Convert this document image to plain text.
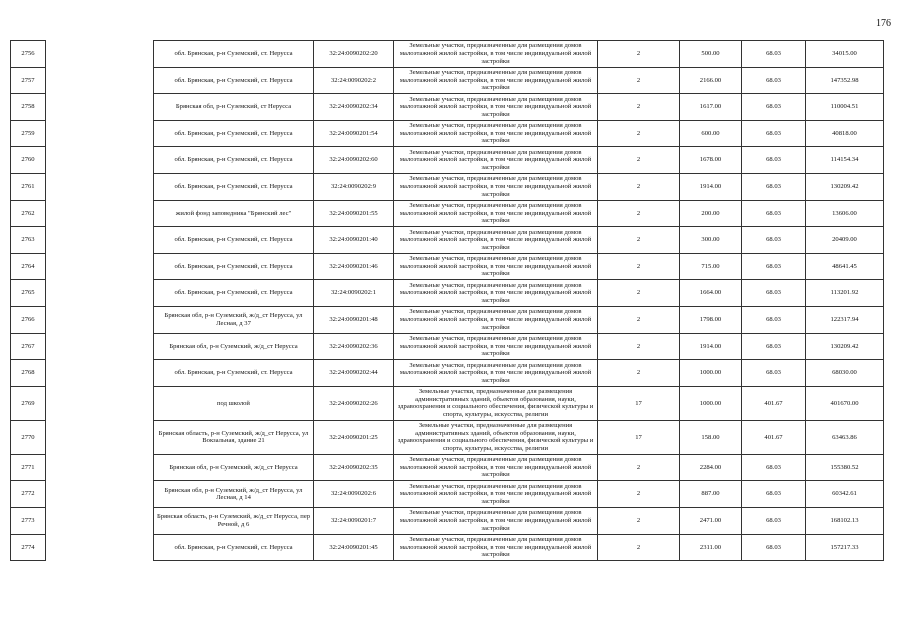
176
2756		обл. Брянская, р-н Суземский, ст. Нерусса	32:24:0090202:20	Земельные участки, предназначенные для размещения домов малоэтажной жилой застройки, в том числе индивидуальной жилой застройки	2	500.00	68.03	34015.00
2757		обл. Брянская, р-н Суземский, ст. Нерусса	32:24:0090202:2	Земельные участки, предназначенные для размещения домов малоэтажной жилой застройки, в том числе индивидуальной жилой застройки	2	2166.00	68.03	147352.98
2758		Брянская обл, р-н Суземский, ст Нерусса	32:24:0090202:34	Земельные участки, предназначенные для размещения домов малоэтажной жилой застройки, в том числе индивидуальной жилой застройки	2	1617.00	68.03	110004.51
2759		обл. Брянская, р-н Суземский, ст. Нерусса	32:24:0090201:54	Земельные участки, предназначенные для размещения домов малоэтажной жилой застройки, в том числе индивидуальной жилой застройки	2	600.00	68.03	40818.00
2760		обл. Брянская, р-н Суземский, ст. Нерусса	32:24:0090202:60	Земельные участки, предназначенные для размещения домов малоэтажной жилой застройки, в том числе индивидуальной жилой застройки	2	1678.00	68.03	114154.34
2761		обл. Брянская, р-н Суземский, ст. Нерусса	32:24:0090202:9	Земельные участки, предназначенные для размещения домов малоэтажной жилой застройки, в том числе индивидуальной жилой застройки	2	1914.00	68.03	130209.42
2762		жилой фонд заповедника "Брянский лес"	32:24:0090201:55	Земельные участки, предназначенные для размещения домов малоэтажной жилой застройки, в том числе индивидуальной жилой застройки	2	200.00	68.03	13606.00
2763		обл. Брянская, р-н Суземский, ст. Нерусса	32:24:0090201:40	Земельные участки, предназначенные для размещения домов малоэтажной жилой застройки, в том числе индивидуальной жилой застройки	2	300.00	68.03	20409.00
2764		обл. Брянская, р-н Суземский, ст. Нерусса	32:24:0090201:46	Земельные участки, предназначенные для размещения домов малоэтажной жилой застройки, в том числе индивидуальной жилой застройки	2	715.00	68.03	48641.45
2765		обл. Брянская, р-н Суземский, ст. Нерусса	32:24:0090202:1	Земельные участки, предназначенные для размещения домов малоэтажной жилой застройки, в том числе индивидуальной жилой застройки	2	1664.00	68.03	113201.92
2766		Брянская обл, р-н Суземский, ж/д_ст Нерусса, ул Лесная, д 37	32:24:0090201:48	Земельные участки, предназначенные для размещения домов малоэтажной жилой застройки, в том числе индивидуальной жилой застройки	2	1798.00	68.03	122317.94
2767		Брянская обл, р-н Суземский, ж/д_ст Нерусса	32:24:0090202:36	Земельные участки, предназначенные для размещения домов малоэтажной жилой застройки, в том числе индивидуальной жилой застройки	2	1914.00	68.03	130209.42
2768		обл. Брянская, р-н Суземский, ст. Нерусса	32:24:0090202:44	Земельные участки, предназначенные для размещения домов малоэтажной жилой застройки, в том числе индивидуальной жилой застройки	2	1000.00	68.03	68030.00
2769		под школой	32:24:0090202:26	Земельные участки, предназначенные для размещения административных зданий, объектов образования, науки, здравоохранения и социального обеспечения, физической культуры и спорта, культуры, искусства, религии	17	1000.00	401.67	401670.00
2770		Брянская область, р-н Суземский, ж/д_ст Нерусса, ул Вокзальная, здание 21	32:24:0090201:25	Земельные участки, предназначенные для размещения административных зданий, объектов образования, науки, здравоохранения и социального обеспечения, физической культуры и спорта, культуры, искусства, религии	17	158.00	401.67	63463.86
2771		Брянская обл, р-н Суземский, ж/д_ст Нерусса	32:24:0090202:35	Земельные участки, предназначенные для размещения домов малоэтажной жилой застройки, в том числе индивидуальной жилой застройки	2	2284.00	68.03	155380.52
2772		Брянская обл, р-н Суземский, ж/д_ст Нерусса, ул Лесная, д 14	32:24:0090202:6	Земельные участки, предназначенные для размещения домов малоэтажной жилой застройки, в том числе индивидуальной жилой застройки	2	887.00	68.03	60342.61
2773		Брянская область, р-н Суземский, ж/д_ст Нерусса, пер Речной, д 6	32:24:0090201:7	Земельные участки, предназначенные для размещения домов малоэтажной жилой застройки, в том числе индивидуальной жилой застройки	2	2471.00	68.03	168102.13
2774		обл. Брянская, р-н Суземский, ст. Нерусса	32:24:0090201:45	Земельные участки, предназначенные для размещения домов малоэтажной жилой застройки, в том числе индивидуальной жилой застройки	2	2311.00	68.03	157217.33
